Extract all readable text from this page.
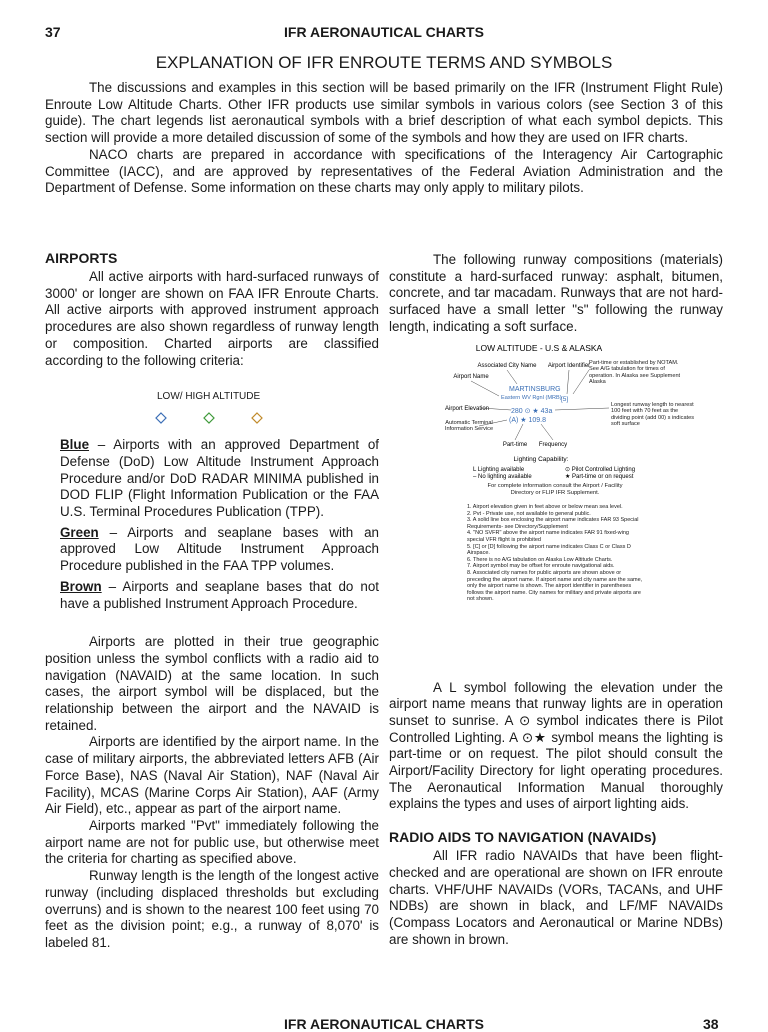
37	IFR AERONAUTICAL CHARTS
EXPLANATION OF IFR ENROUTE TERMS AND SYMBOLS

The discussions and examples in this section will be based primarily on the IFR (Instrument Flight Rule) Enroute Low Altitude Charts. Other IFR products use similar symbols in various colors (see Section 3 of this guide). The chart legends list aeronautical symbols with a brief description of what each symbol depicts. This section will provide a more detailed discussion of some of the symbols and how they are used on IFR charts.

NACO charts are prepared in accordance with specifications of the Interagency Air Cartographic Committee (IACC), and are approved by representatives of the Federal Aviation Administration and the Department of Defense. Some information on these charts may only apply to military pilots.

AIRPORTS

All active airports with hard-surfaced runways of 3000' or longer are shown on FAA IFR Enroute Charts. All active airports with approved instrument approach procedures are also shown regardless of runway length or composition. Charted airports are classified according to the following criteria:

LOW/ HIGH ALTITUDE

Blue – Airports with an approved Department of Defense (DoD) Low Altitude Instrument Approach Procedure and/or DoD RADAR MINIMA published in DOD FLIP (Flight Information Publication or the FAA U.S. Terminal Procedures Publication (TPP).

Green – Airports and seaplane bases with an approved Low Altitude Instrument Approach Procedure published in the FAA TPP volumes.

Brown – Airports and seaplane bases that do not have a published Instrument Approach Procedure.

Airports are plotted in their true geographic position unless the symbol conflicts with a radio aid to navigation (NAVAID) at the same location. In such cases, the airport symbol will be displaced, but the relationship between the airport and the NAVAID is retained.

Airports are identified by the airport name. In the case of military airports, the abbreviated letters AFB (Air Force Base), NAS (Naval Air Station), NAF (Naval Air Facility), MCAS (Marine Corps Air Station), AAF (Army Air Field), etc., appear as part of the airport name.

Airports marked "Pvt" immediately following the airport name are not for public use, but otherwise meet the criteria for charting as specified above.

Runway length is the length of the longest active runway (including displaced thresholds but excluding overruns) and is shown to the nearest 100 feet using 70 feet as the division point; e.g., a runway of 8,070' is labeled 81.

The following runway compositions (materials) constitute a hard-surfaced runway: asphalt, bitumen, concrete, and tar macadam. Runways that are not hard-surfaced have a small letter "s" following the runway length, indicating a soft surface.

LOW ALTITUDE - U.S & ALASKA
Associated City Name Airport Identifier
Part-time or established by NOTAM. See A/G tabulation for times of operation. In Alaska see Supplement Alaska
Airport Name
Airport Elevation
Automatic Terminal Information Service
Part-time Frequency
Longest runway length to nearest 100 feet with 70 feet as the dividing point (add 00) s indicates soft surface
MARTINSBURG
Eastern WV Rgnl (MRB) [5]
280 ⊙ ★ 43a
(A) ★ 109.8
Lighting Capability:
L Lighting available
– No lighting available
⊙ Pilot Controlled Lighting
★ Part-time or on request
For complete information consult the Airport / Facility Directory or FLIP IFR Supplement.
1. Airport elevation given in feet above or below mean sea level.
2. Pvt - Private use, not available to general public.
3. A solid line box enclosing the airport name indicates FAR 93 Special Requirements- see Directory/Supplement
4. "NO SVFR" above the airport name indicates FAR 91 fixed-wing special VFR flight is prohibited
5. [C] or [D] following the airport name indicates Class C or Class D Airspace.
6. There is no A/G tabulation on Alaska Low Altitude Charts.
7. Airport symbol may be offset for enroute navigational aids.
8. Associated city names for public airports are shown above or preceding the airport name. If airport name and city name are the same, only the airport name is shown. The airport identifier in parentheses follows the airport name. City names for military and private airports are not shown.

A L symbol following the elevation under the airport name means that runway lights are in operation sunset to sunrise. A ⊙ symbol indicates there is Pilot Controlled Lighting. A ⊙★ symbol means the lighting is part-time or on request. The pilot should consult the Airport/Facility Directory for light operating procedures. The Aeronautical Information Manual thoroughly explains the types and uses of airport lighting aids.

RADIO AIDS TO NAVIGATION (NAVAIDs)

All IFR radio NAVAIDs that have been flight-checked and are operational are shown on IFR enroute charts. VHF/UHF NAVAIDs (VORs, TACANs, and UHF NDBs) are shown in black, and LF/MF NAVAIDs (Compass Locators and Aeronautical or Marine NDBs) are shown in brown.

IFR AERONAUTICAL CHARTS	38
